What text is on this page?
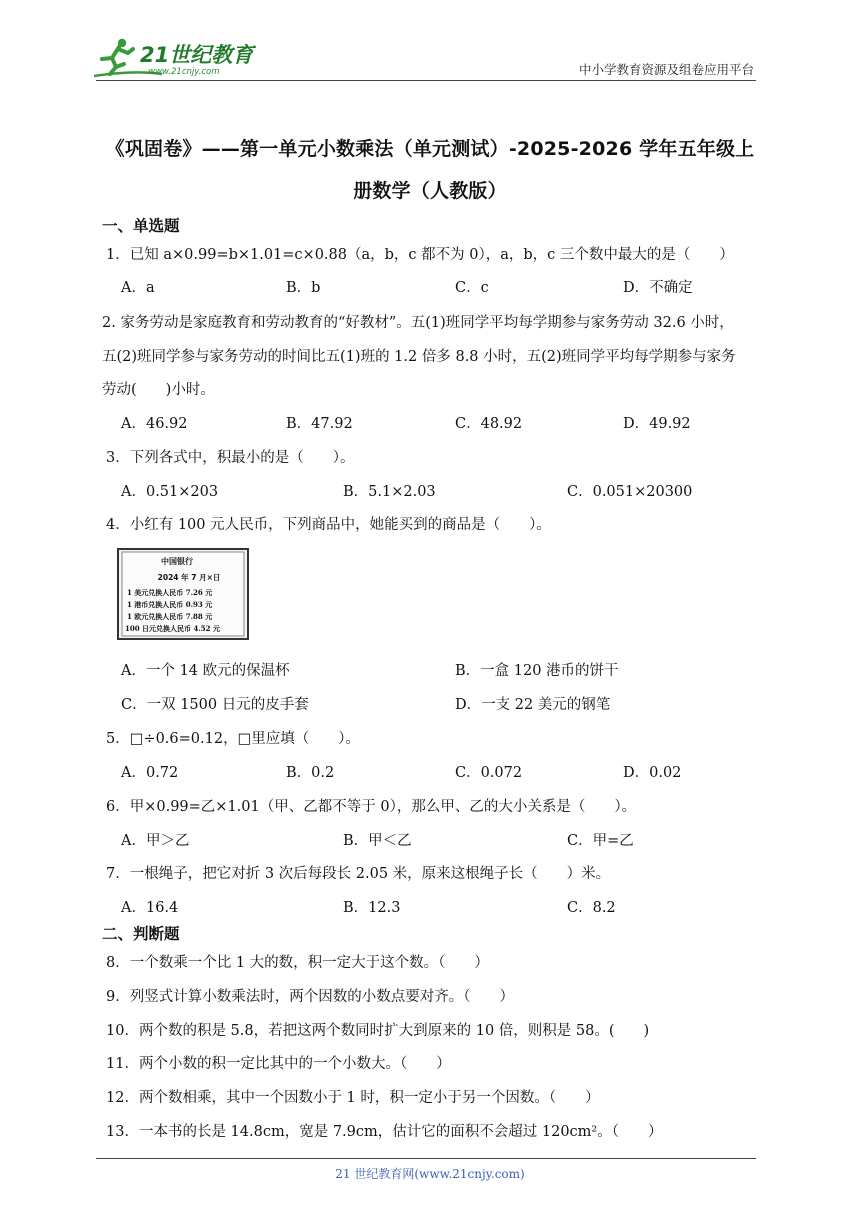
21世纪教育
www.21cnjy.com	中小学教育资源及组卷应用平台
《巩固卷》——第一单元小数乘法（单元测试）-2025-2026 学年五年级上
册数学（人教版）
一、单选题
1．已知 a×0.99=b×1.01=c×0.88（a，b，c 都不为 0），a，b，c 三个数中最大的是（　　）
A．a	B．b	C．c	D．不确定
2. 家务劳动是家庭教育和劳动教育的“好教材”。五(1)班同学平均每学期参与家务劳动 32.6 小时，
五(2)班同学参与家务劳动的时间比五(1)班的 1.2 倍多 8.8 小时，五(2)班同学平均每学期参与家务
劳动(　　)小时。
A．46.92	B．47.92	C．48.92	D．49.92
3．下列各式中，积最小的是（　　）。
A．0.51×203	B．5.1×2.03	C．0.051×20300
4．小红有 100 元人民币，下列商品中，她能买到的商品是（　　）。
中国银行
2024 年 7 月×日
1 美元兑换人民币 7.26 元
1 港币兑换人民币 0.93 元
1 欧元兑换人民币 7.88 元
100 日元兑换人民币 4.52 元
A．一个 14 欧元的保温杯	B．一盒 120 港币的饼干
C．一双 1500 日元的皮手套	D．一支 22 美元的钢笔
5．□÷0.6=0.12，□里应填（　　）。
A．0.72	B．0.2	C．0.072	D．0.02
6．甲×0.99=乙×1.01（甲、乙都不等于 0），那么甲、乙的大小关系是（　　）。
A．甲＞乙	B．甲＜乙	C．甲=乙
7．一根绳子，把它对折 3 次后每段长 2.05 米，原来这根绳子长（　　）米。
A．16.4	B．12.3	C．8.2
二、判断题
8．一个数乘一个比 1 大的数，积一定大于这个数。（　　）
9．列竖式计算小数乘法时，两个因数的小数点要对齐。（　　）
10．两个数的积是 5.8，若把这两个数同时扩大到原来的 10 倍，则积是 58。(　　)
11．两个小数的积一定比其中的一个小数大。（　　）
12．两个数相乘，其中一个因数小于 1 时，积一定小于另一个因数。（　　）
13．一本书的长是 14.8cm，宽是 7.9cm，估计它的面积不会超过 120cm²。（　　）
21 世纪教育网(www.21cnjy.com)
